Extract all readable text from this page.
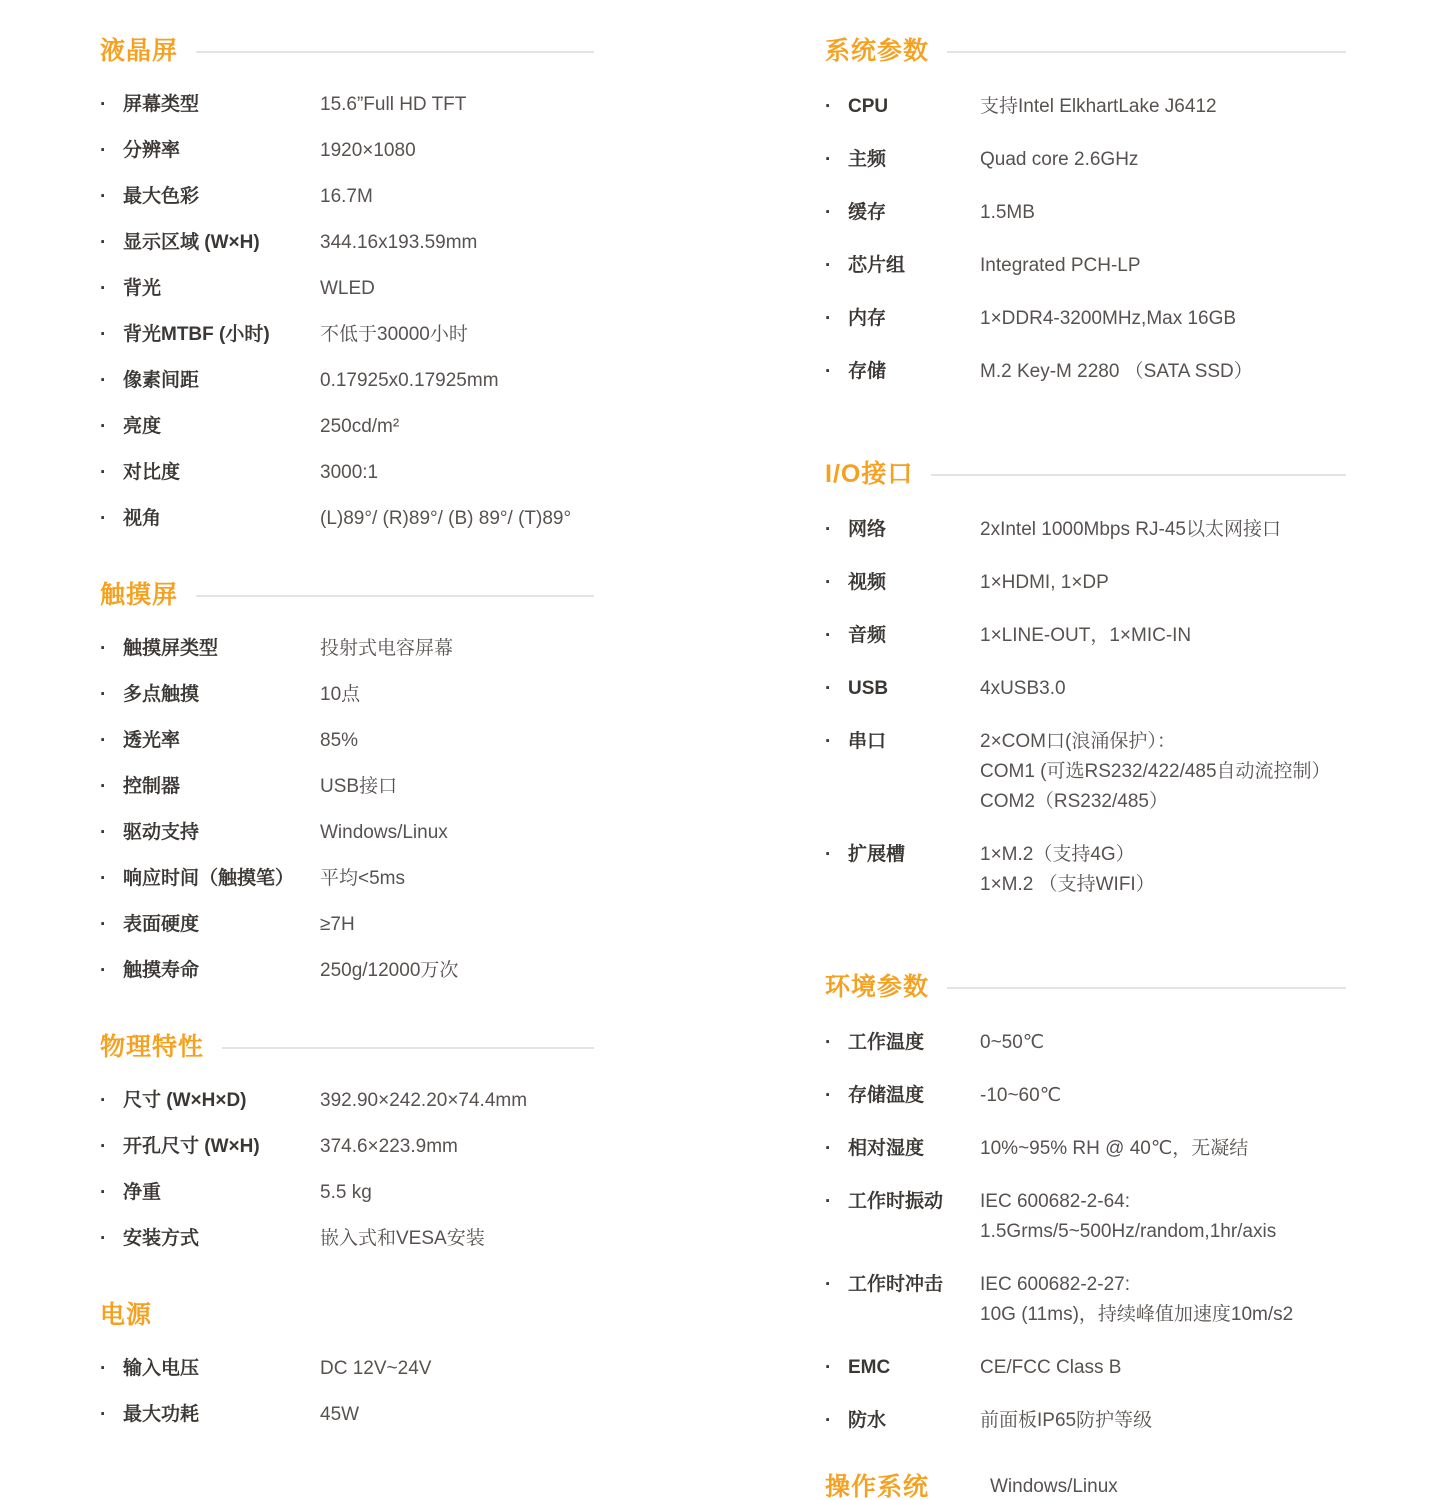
液晶屏
· 屏幕类型	15.6”Full HD TFT
· 分辨率	1920×1080
· 最大色彩	16.7M
· 显示区域 (W×H)	344.16x193.59mm
· 背光	WLED
· 背光MTBF (小时)	不低于30000小时
· 像素间距	0.17925x0.17925mm
· 亮度	250cd/m²
· 对比度	3000:1
· 视角	(L)89°/ (R)89°/ (B) 89°/ (T)89°
触摸屏
· 触摸屏类型	投射式电容屏幕
· 多点触摸	10点
· 透光率	85%
· 控制器	USB接口
· 驱动支持	Windows/Linux
· 响应时间（触摸笔）	平均<5ms
· 表面硬度	≥7H
· 触摸寿命	250g/12000万次
物理特性
· 尺寸 (W×H×D)	392.90×242.20×74.4mm
· 开孔尺寸 (W×H)	374.6×223.9mm
· 净重	5.5 kg
· 安装方式	嵌入式和VESA安装
电源
· 输入电压	DC 12V~24V
· 最大功耗	45W
系统参数
· CPU	支持Intel ElkhartLake J6412
· 主频	Quad core 2.6GHz
· 缓存	1.5MB
· 芯片组	Integrated PCH-LP
· 内存	1×DDR4-3200MHz,Max 16GB
· 存储	M.2 Key-M 2280 （SATA SSD）
I/O接口
· 网络	2xIntel 1000Mbps RJ-45以太网接口
· 视频	1×HDMI, 1×DP
· 音频	1×LINE-OUT，1×MIC-IN
· USB	4xUSB3.0
· 串口	2×COM口(浪涌保护）：
COM1 (可选RS232/422/485自动流控制）
COM2（RS232/485）
· 扩展槽	1×M.2（支持4G）
1×M.2 （支持WIFI）
环境参数
· 工作温度	0~50℃
· 存储温度	-10~60℃
· 相对湿度	10%~95% RH @ 40℃，无凝结
· 工作时振动	IEC 600682-2-64:
1.5Grms/5~500Hz/random,1hr/axis
· 工作时冲击	IEC 600682-2-27:
10G (11ms)，持续峰值加速度10m/s2
· EMC	CE/FCC Class B
· 防水	前面板IP65防护等级
操作系统	Windows/Linux
